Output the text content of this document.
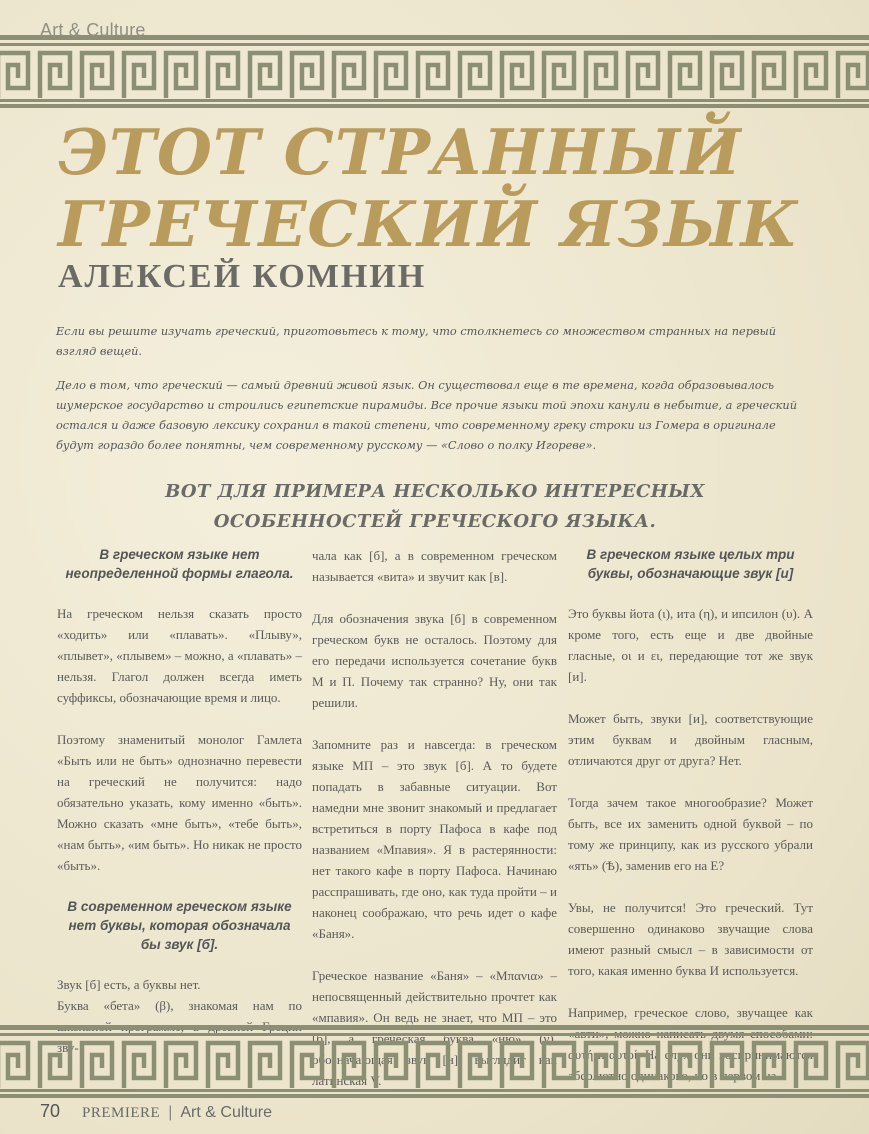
Art & Culture
ЭТОТ СТРАННЫЙ ГРЕЧЕСКИЙ ЯЗЫК
АЛЕКСЕЙ КОМНИН

Если вы решите изучать греческий, приготовьтесь к тому, что столкнетесь со множеством странных на первый взгляд вещей.

Дело в том, что греческий — самый древний живой язык. Он существовал еще в те времена, когда образовывалось шумерское государство и строились египетские пирамиды. Все прочие языки той эпохи канули в небытие, а греческий остался и даже базовую лексику сохранил в такой степени, что современному греку строки из Гомера в оригинале будут гораздо более понятны, чем современному русскому — «Слово о полку Игореве».

ВОТ ДЛЯ ПРИМЕРА НЕСКОЛЬКО ИНТЕРЕСНЫХ ОСОБЕННОСТЕЙ ГРЕЧЕСКОГО ЯЗЫКА.
В греческом языке нет неопределенной формы глагола.

На греческом нельзя сказать просто «ходить» или «плавать». «Плыву», «плывет», «плывем» – можно, а «плавать» – нельзя. Глагол должен всегда иметь суффиксы, обозначающие время и лицо.

Поэтому знаменитый монолог Гамлета «Быть или не быть» однозначно перевести на греческий не получится: надо обязательно указать, кому именно «быть». Можно сказать «мне быть», «тебе быть», «нам быть», «им быть». Но никак не просто «быть».

В современном греческом языке нет буквы, которая обозначала бы звук [б].

Звук [б] есть, а буквы нет.

Буква «бета» (β), знакомая нам по

чала как [б], а в современном греческом называется «вита» и звучит как [в].

Для обозначения звука [б] в современном греческом букв не осталось. Поэтому для его передачи используется сочетание букв М и П. Почему так странно? Ну, они так решили.

Запомните раз и навсегда: в греческом языке МП – это звук [б]. А то будете попадать в забавные ситуации. Вот намедни мне звонит знакомый и предлагает встретиться в порту Пафоса в кафе под названием «Мпавия». Я в растерянности: нет такого кафе в порту Пафоса. Начинаю расспрашивать, где оно, как туда пройти – и наконец соображаю, что речь идет о кафе «Баня».

Греческое название «Баня» – «Μπανια» – непосвященный действительно прочтет как «мпавия». Он ведь не знает, что МП – это

В греческом языке целых три буквы, обозначающие звук [и]

Это буквы йота (ι), ита (η), и ипсилон (υ). А кроме того, есть еще и две двойные гласные, οι и ει, передающие тот же звук [и].

Может быть, звуки [и], соответствующие этим буквам и двойным гласным, отличаются друг от друга? Нет.

Тогда зачем такое многообразие? Может быть, все их заменить одной буквой – по тому же принципу, как из русского убрали «ять» (Ѣ), заменив его на Е?

Увы, не получится! Это греческий. Тут совершенно одинаково звучащие слова имеют разный смысл – в зависимости от того, какая именно буква И используется.

Например, греческое слово, звучащее как

70 PREMIERE | Art & Culture
